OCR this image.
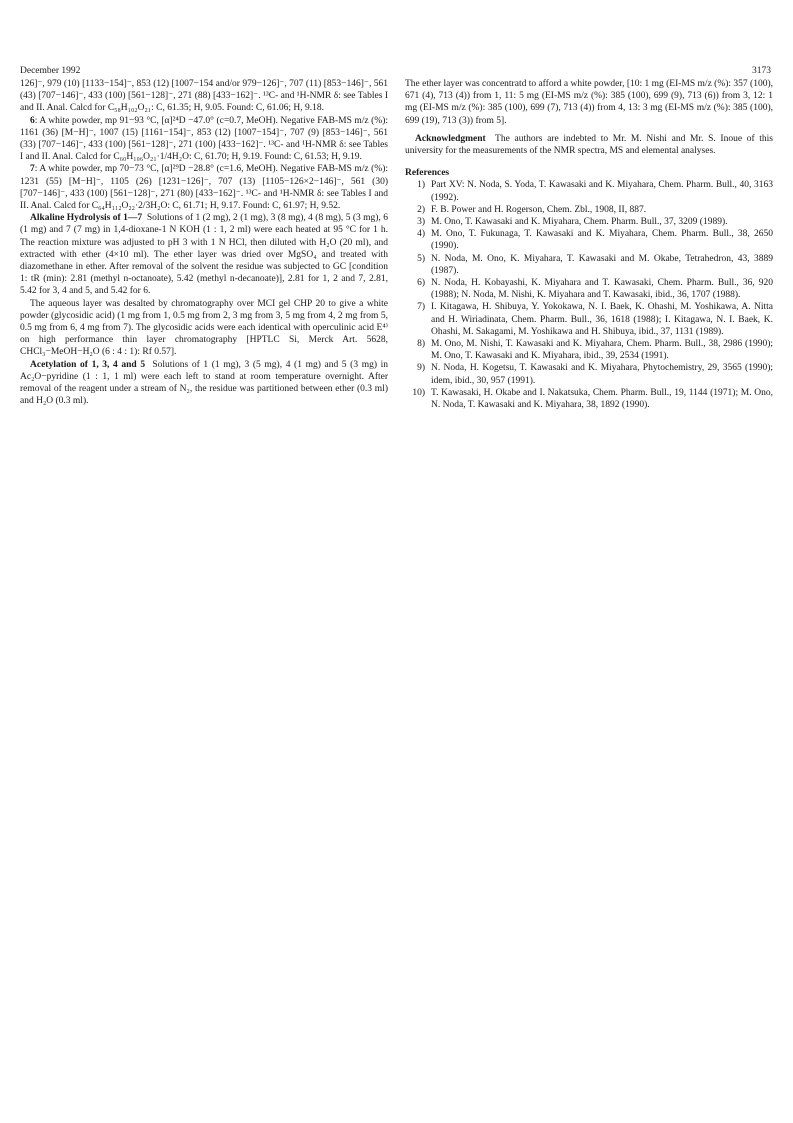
December 1992	3173

126]⁻, 979 (10) [1133−154]⁻, 853 (12) [1007−154 and/or 979−126]⁻, 707 (11) [853−146]⁻, 561 (43) [707−146]⁻, 433 (100) [561−128]⁻, 271 (88) [433−162]⁻. ¹³C- and ¹H-NMR δ: see Tables I and II. Anal. Calcd for C₅₈H₁₀₂O₂₁: C, 61.35; H, 9.05. Found: C, 61.06; H, 9.18.

6: A white powder, mp 91−93 °C, [α]²⁴D −47.0° (c=0.7, MeOH). Negative FAB-MS m/z (%): 1161 (36) [M−H]⁻, 1007 (15) [1161−154]⁻, 853 (12) [1007−154]⁻, 707 (9) [853−146]⁻, 561 (33) [707−146]⁻, 433 (100) [561−128]⁻, 271 (100) [433−162]⁻. ¹³C- and ¹H-NMR δ: see Tables I and II. Anal. Calcd for C₆₀H₁₀₆O₂₁·1/4H₂O: C, 61.70; H, 9.19. Found: C, 61.53; H, 9.19.

7: A white powder, mp 70−73 °C, [α]²⁹D −28.8° (c=1.6, MeOH). Negative FAB-MS m/z (%): 1231 (55) [M−H]⁻, 1105 (26) [1231−126]⁻, 707 (13) [1105−126×2−146]⁻, 561 (30) [707−146]⁻, 433 (100) [561−128]⁻, 271 (80) [433−162]⁻. ¹³C- and ¹H-NMR δ: see Tables I and II. Anal. Calcd for C₆₄H₁₁₂O₂₂·2/3H₂O: C, 61.71; H, 9.17. Found: C, 61.97; H, 9.52.

Alkaline Hydrolysis of 1—7 Solutions of 1 (2 mg), 2 (1 mg), 3 (8 mg), 4 (8 mg), 5 (3 mg), 6 (1 mg) and 7 (7 mg) in 1,4-dioxane-1 N KOH (1 : 1, 2 ml) were each heated at 95 °C for 1 h. The reaction mixture was adjusted to pH 3 with 1 N HCl, then diluted with H₂O (20 ml), and extracted with ether (4×10 ml). The ether layer was dried over MgSO₄ and treated with diazomethane in ether. After removal of the solvent the residue was subjected to GC [condition 1: tR (min): 2.81 (methyl n-octanoate), 5.42 (methyl n-decanoate)], 2.81 for 1, 2 and 7, 2.81, 5.42 for 3, 4 and 5, and 5.42 for 6.

The aqueous layer was desalted by chromatography over MCI gel CHP 20 to give a white powder (glycosidic acid) (1 mg from 1, 0.5 mg from 2, 3 mg from 3, 5 mg from 4, 2 mg from 5, 0.5 mg from 6, 4 mg from 7). The glycosidic acids were each identical with operculinic acid E⁴⁾ on high performance thin layer chromatography [HPTLC Si, Merck Art. 5628, CHCl₃−MeOH−H₂O (6 : 4 : 1): Rf 0.57].

Acetylation of 1, 3, 4 and 5 Solutions of 1 (1 mg), 3 (5 mg), 4 (1 mg) and 5 (3 mg) in Ac₂O−pyridine (1 : 1, 1 ml) were each left to stand at room temperature overnight. After removal of the reagent under a stream of N₂, the residue was partitioned between ether (0.3 ml) and H₂O (0.3 ml).

The ether layer was concentratd to afford a white powder, [10: 1 mg (EI-MS m/z (%): 357 (100), 671 (4), 713 (4)) from 1, 11: 5 mg (EI-MS m/z (%): 385 (100), 699 (9), 713 (6)) from 3, 12: 1 mg (EI-MS m/z (%): 385 (100), 699 (7), 713 (4)) from 4, 13: 3 mg (EI-MS m/z (%): 385 (100), 699 (19), 713 (3)) from 5].

Acknowledgment The authors are indebted to Mr. M. Nishi and Mr. S. Inoue of this university for the measurements of the NMR spectra, MS and elemental analyses.

References
1) Part XV: N. Noda, S. Yoda, T. Kawasaki and K. Miyahara, Chem. Pharm. Bull., 40, 3163 (1992).
2) F. B. Power and H. Rogerson, Chem. Zbl., 1908, II, 887.
3) M. Ono, T. Kawasaki and K. Miyahara, Chem. Pharm. Bull., 37, 3209 (1989).
4) M. Ono, T. Fukunaga, T. Kawasaki and K. Miyahara, Chem. Pharm. Bull., 38, 2650 (1990).
5) N. Noda, M. Ono, K. Miyahara, T. Kawasaki and M. Okabe, Tetrahedron, 43, 3889 (1987).
6) N. Noda, H. Kobayashi, K. Miyahara and T. Kawasaki, Chem. Pharm. Bull., 36, 920 (1988); N. Noda, M. Nishi, K. Miyahara and T. Kawasaki, ibid., 36, 1707 (1988).
7) I. Kitagawa, H. Shibuya, Y. Yokokawa, N. I. Baek, K. Ohashi, M. Yoshikawa, A. Nitta and H. Wiriadinata, Chem. Pharm. Bull., 36, 1618 (1988); I. Kitagawa, N. I. Baek, K. Ohashi, M. Sakagami, M. Yoshikawa and H. Shibuya, ibid., 37, 1131 (1989).
8) M. Ono, M. Nishi, T. Kawasaki and K. Miyahara, Chem. Pharm. Bull., 38, 2986 (1990); M. Ono, T. Kawasaki and K. Miyahara, ibid., 39, 2534 (1991).
9) N. Noda, H. Kogetsu, T. Kawasaki and K. Miyahara, Phytochemistry, 29, 3565 (1990); idem, ibid., 30, 957 (1991).
10) T. Kawasaki, H. Okabe and I. Nakatsuka, Chem. Pharm. Bull., 19, 1144 (1971); M. Ono, N. Noda, T. Kawasaki and K. Miyahara, 38, 1892 (1990).
